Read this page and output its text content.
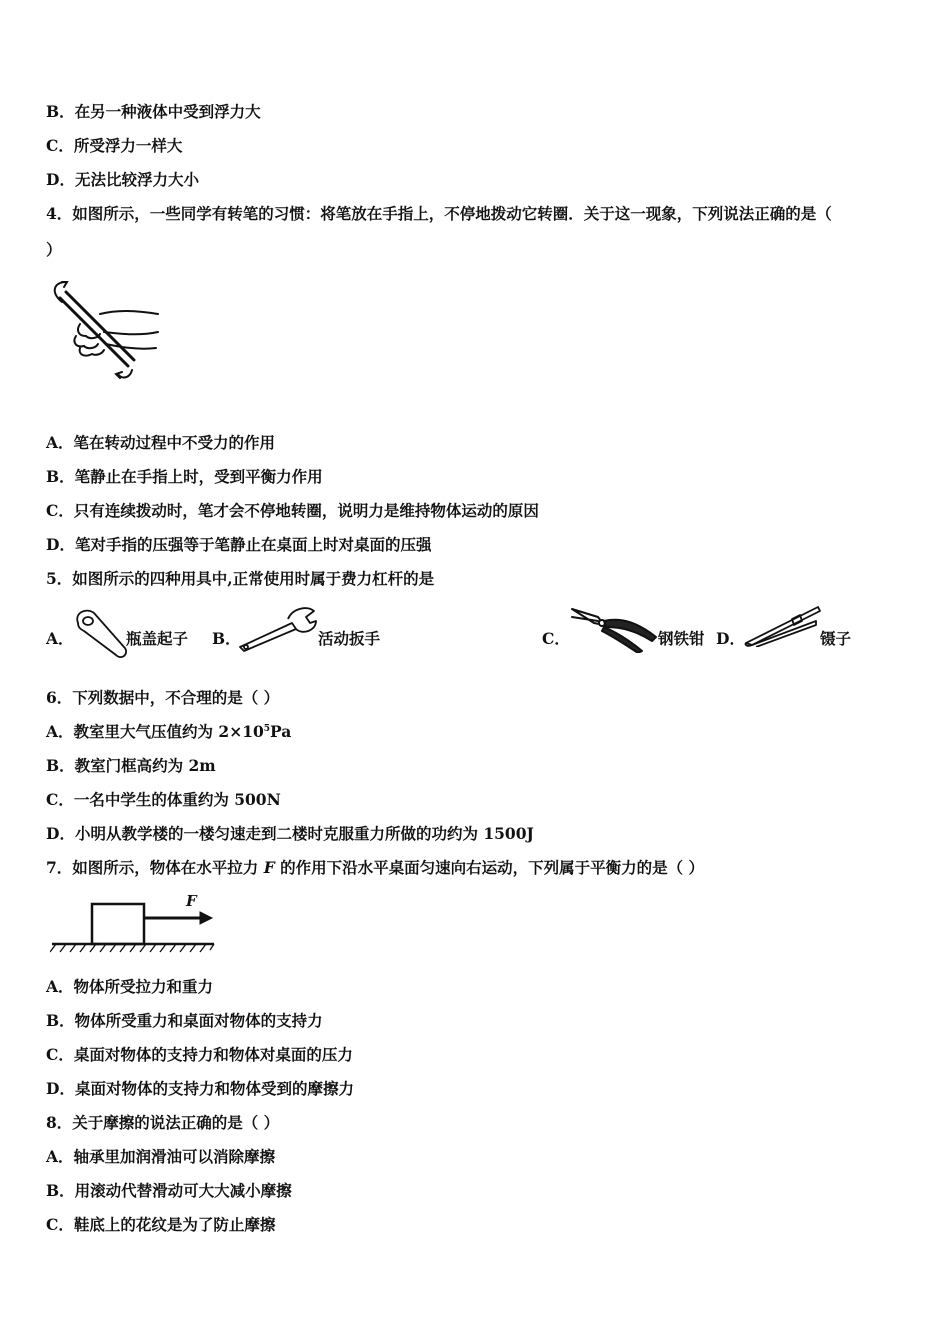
B．在另一种液体中受到浮力大
C．所受浮力一样大
D．无法比较浮力大小
4．如图所示，一些同学有转笔的习惯：将笔放在手指上，不停地拨动它转圈．关于这一现象，下列说法正确的是（
）
A．笔在转动过程中不受力的作用
B．笔静止在手指上时，受到平衡力作用
C．只有连续拨动时，笔才会不停地转圈，说明力是维持物体运动的原因
D．笔对手指的压强等于笔静止在桌面上时对桌面的压强
5．如图所示的四种用具中,正常使用时属于费力杠杆的是
A．	瓶盖起子 B．	活动扳手	C．	钢铁钳 D．	镊子
6．下列数据中，不合理的是（ ）
A．教室里大气压值约为 $2\times 10^5Pa$
B．教室门框高约为 2m
C．一名中学生的体重约为 500N
D．小明从教学楼的一楼匀速走到二楼时克服重力所做的功约为 1500J
7．如图所示，物体在水平拉力 F 的作用下沿水平桌面匀速向右运动，下列属于平衡力的是（ ）
F
A．物体所受拉力和重力
B．物体所受重力和桌面对物体的支持力
C．桌面对物体的支持力和物体对桌面的压力
D．桌面对物体的支持力和物体受到的摩擦力
8．关于摩擦的说法正确的是（ ）
A．轴承里加润滑油可以消除摩擦
B．用滚动代替滑动可大大减小摩擦
C．鞋底上的花纹是为了防止摩擦
